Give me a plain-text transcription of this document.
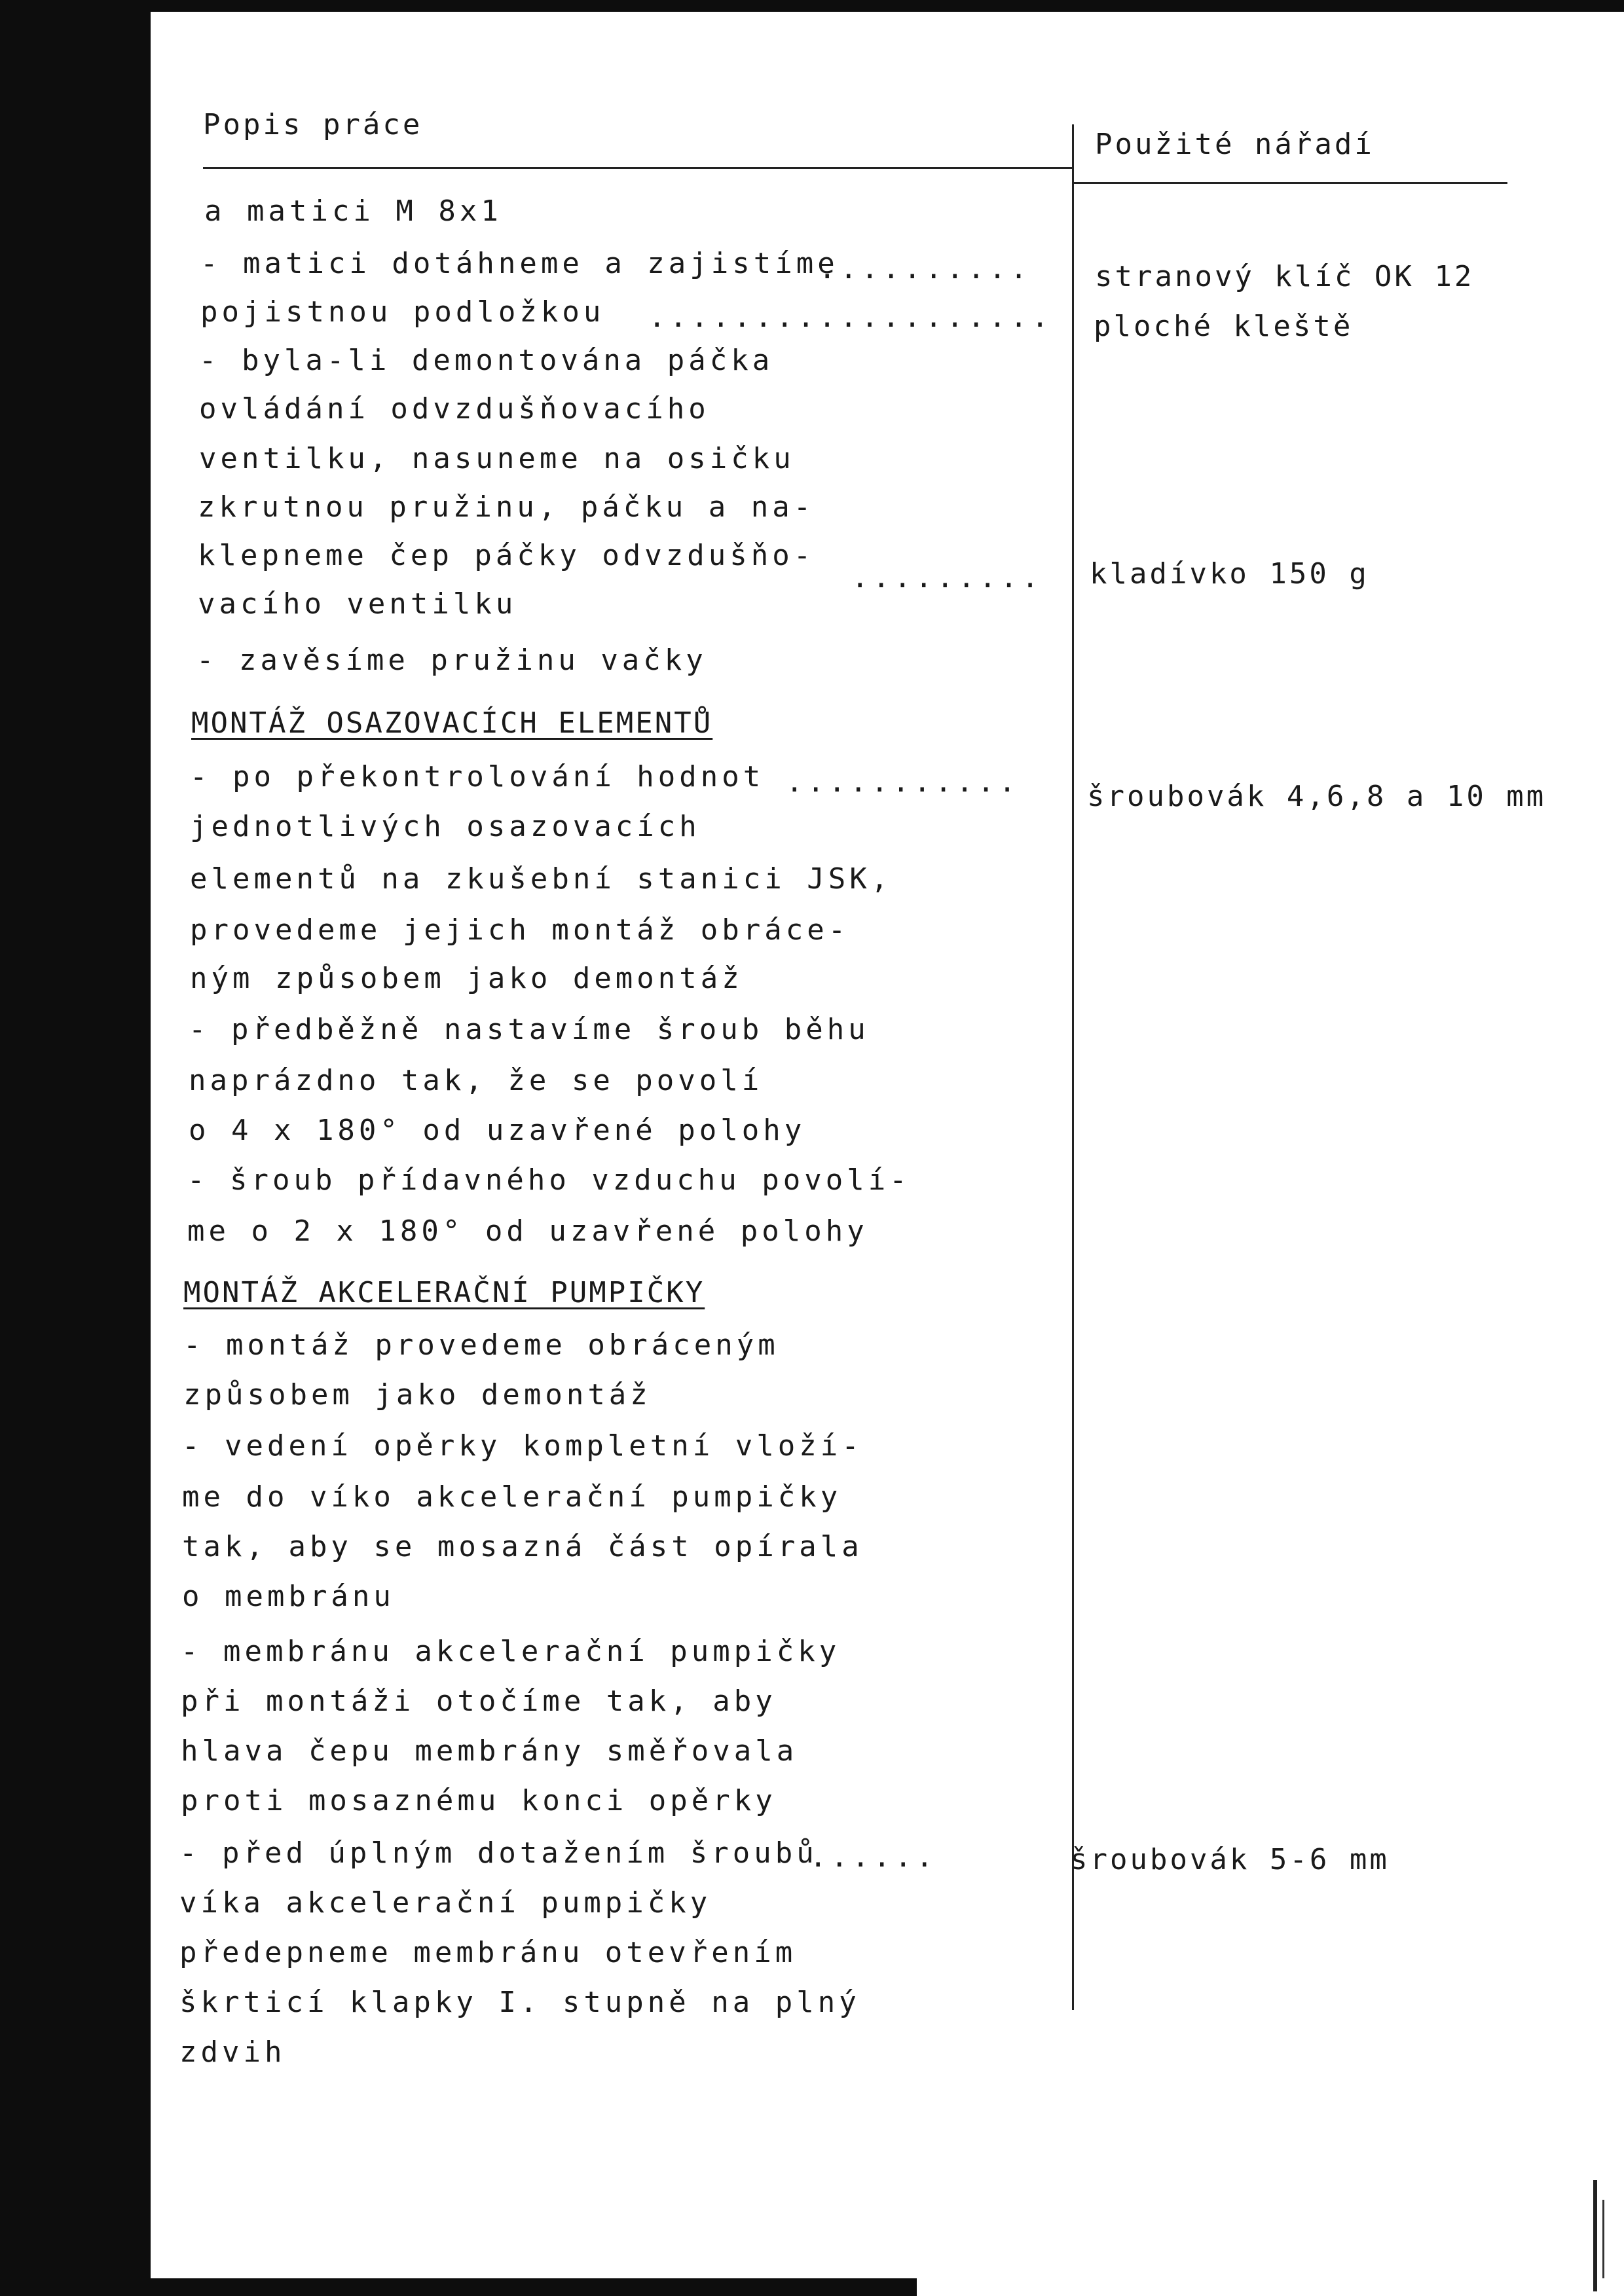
Popis práce
Použité nářadí
a matici M 8x1
- matici dotáhneme a zajistíme
pojistnou podložkou
- byla-li demontována páčka
ovládání odvzdušňovacího
ventilku, nasuneme na osičku
zkrutnou pružinu, páčku a na-
klepneme čep páčky odvzdušňo-
vacího ventilku
- zavěsíme pružinu vačky
MONTÁŽ OSAZOVACÍCH ELEMENTŮ
- po překontrolování hodnot
jednotlivých osazovacích
elementů na zkušební stanici JSK,
provedeme jejich montáž obráce-
ným způsobem jako demontáž
- předběžně nastavíme šroub běhu
naprázdno tak, že se povolí
o 4 x 180° od uzavřené polohy
- šroub přídavného vzduchu povolí-
me o 2 x 180° od uzavřené polohy
MONTÁŽ AKCELERAČNÍ PUMPIČKY
- montáž provedeme obráceným
způsobem jako demontáž
- vedení opěrky kompletní vloží-
me do víko akcelerační pumpičky
tak, aby se mosazná část opírala
o membránu
- membránu akcelerační pumpičky
při montáži otočíme tak, aby
hlava čepu membrány směřovala
proti mosaznému konci opěrky
- před úplným dotažením šroubů
víka akcelerační pumpičky
předepneme membránu otevřením
škrticí klapky I. stupně na plný
zdvih
..........
...................
.........
...........
......
stranový klíč OK 12
ploché kleště
kladívko 150 g
šroubovák 4,6,8 a 10 mm
šroubovák 5-6 mm
